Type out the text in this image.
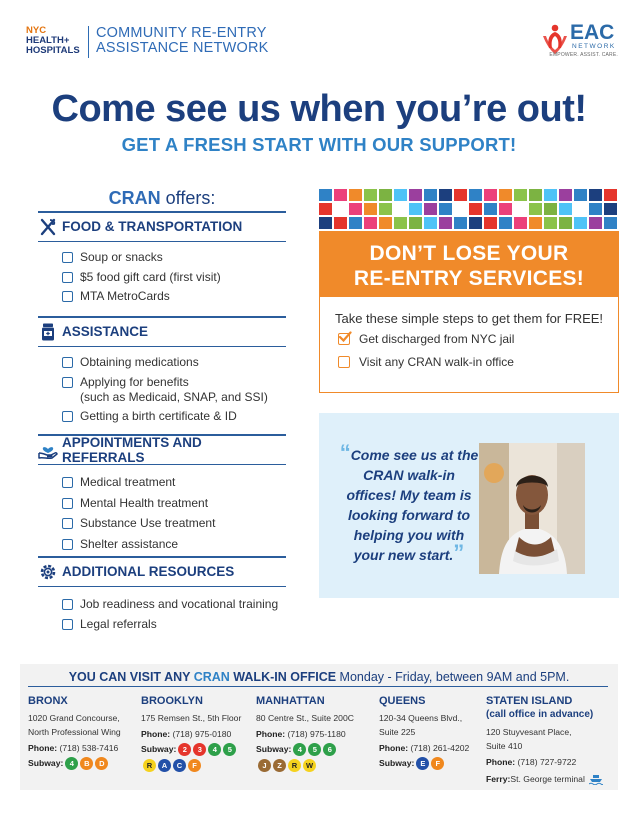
NYC
HEALTH+
HOSPITALS
COMMUNITY RE-ENTRY
ASSISTANCE NETWORK
EAC
NETWORK
EMPOWER. ASSIST. CARE.
Come see us when you’re out!
GET A FRESH START WITH OUR SUPPORT!
CRAN offers:
FOOD & TRANSPORTATION
Soup or snacks
$5 food gift card (first visit)
MTA MetroCards
ASSISTANCE
Obtaining medications
Applying for benefits
(such as Medicaid, SNAP, and SSI)
Getting a birth certificate & ID
APPOINTMENTS AND REFERRALS
Medical treatment
Mental Health treatment
Substance Use treatment
Shelter assistance
ADDITIONAL RESOURCES
Job readiness and vocational training
Legal referrals
DON’T LOSE YOUR
RE-ENTRY SERVICES!
Take these simple steps to get them for FREE!
Get discharged from NYC jail
Visit any CRAN walk-in office
“Come see us at the CRAN walk-in offices! My team is looking forward to helping you with your new start.”
YOU CAN VISIT ANY CRAN WALK-IN OFFICE Monday - Friday, between 9AM and 5PM.
BRONX
1020 Grand Concourse,
North Professional Wing
Phone: (718) 538-7416
Subway: 4	B	D
BROOKLYN
175 Remsen St., 5th Floor
Phone: (718) 975-0180
Subway: 2	3	4	5
R	A	C	F
MANHATTAN
80 Centre St., Suite 200C
Phone: (718) 975-1180
Subway: 4	5	6
J	Z	R	W
QUEENS
120-34 Queens Blvd.,
Suite 225
Phone: (718) 261-4202
Subway: E	F
STATEN ISLAND
(call office in advance)
120 Stuyvesant Place,
Suite 410
Phone: (718) 727-9722
Ferry: St. George terminal
